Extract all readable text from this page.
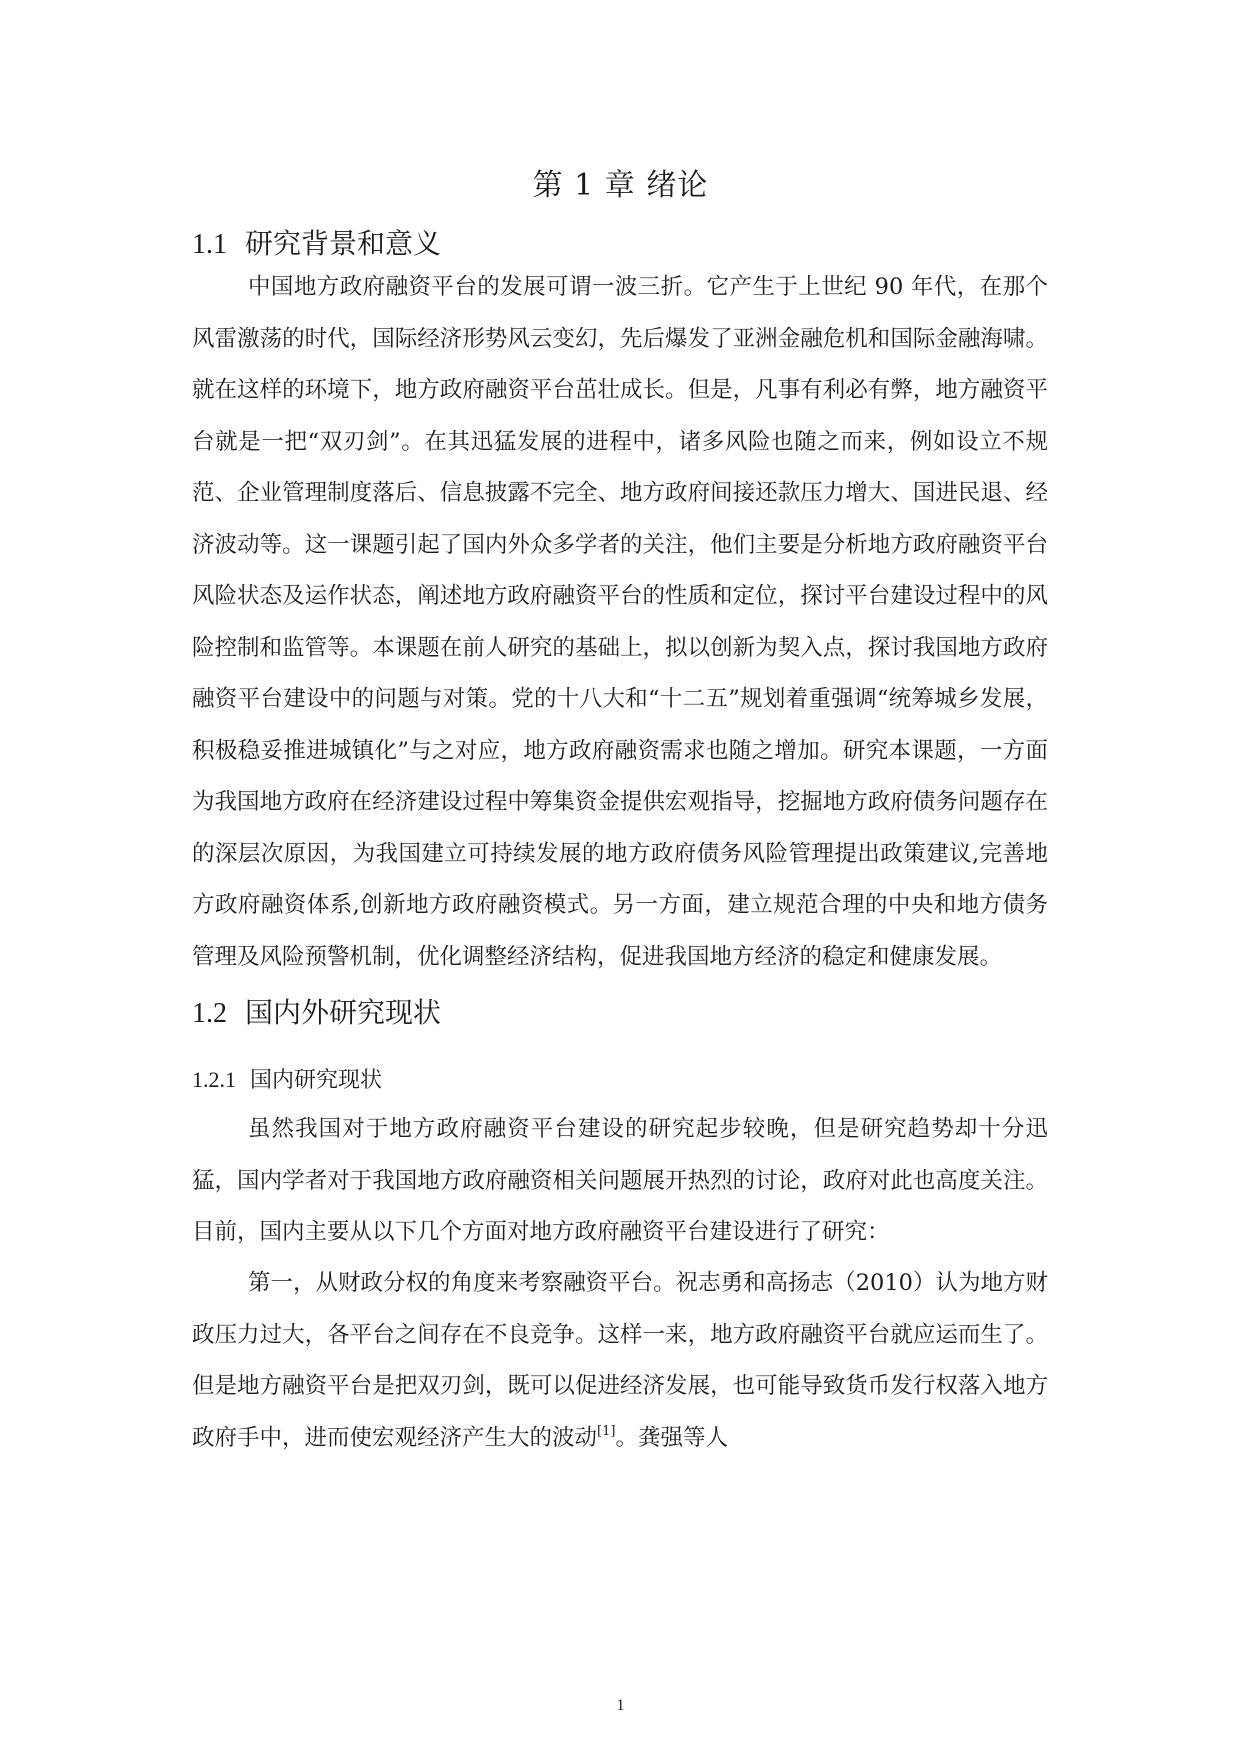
第 1 章 绪论
1.1 研究背景和意义

中国地方政府融资平台的发展可谓一波三折。它产生于上世纪 90 年代，在那个风雷激荡的时代，国际经济形势风云变幻，先后爆发了亚洲金融危机和国际金融海啸。就在这样的环境下，地方政府融资平台茁壮成长。但是，凡事有利必有弊，地方融资平台就是一把“双刃剑”。在其迅猛发展的进程中，诸多风险也随之而来，例如设立不规范、企业管理制度落后、信息披露不完全、地方政府间接还款压力增大、国进民退、经济波动等。这一课题引起了国内外众多学者的关注，他们主要是分析地方政府融资平台风险状态及运作状态，阐述地方政府融资平台的性质和定位，探讨平台建设过程中的风险控制和监管等。本课题在前人研究的基础上，拟以创新为契入点，探讨我国地方政府融资平台建设中的问题与对策。党的十八大和“十二五”规划着重强调“统筹城乡发展，积极稳妥推进城镇化”与之对应，地方政府融资需求也随之增加。研究本课题，一方面为我国地方政府在经济建设过程中筹集资金提供宏观指导，挖掘地方政府债务问题存在的深层次原因，为我国建立可持续发展的地方政府债务风险管理提出政策建议,完善地方政府融资体系,创新地方政府融资模式。另一方面，建立规范合理的中央和地方债务管理及风险预警机制，优化调整经济结构，促进我国地方经济的稳定和健康发展。

1.2 国内外研究现状
1.2.1 国内研究现状

虽然我国对于地方政府融资平台建设的研究起步较晚，但是研究趋势却十分迅猛，国内学者对于我国地方政府融资相关问题展开热烈的讨论，政府对此也高度关注。目前，国内主要从以下几个方面对地方政府融资平台建设进行了研究：

第一，从财政分权的角度来考察融资平台。祝志勇和高扬志（2010）认为地方财政压力过大，各平台之间存在不良竞争。这样一来，地方政府融资平台就应运而生了。但是地方融资平台是把双刃剑，既可以促进经济发展，也可能导致货币发行权落入地方政府手中，进而使宏观经济产生大的波动[1]。龚强等人

1
